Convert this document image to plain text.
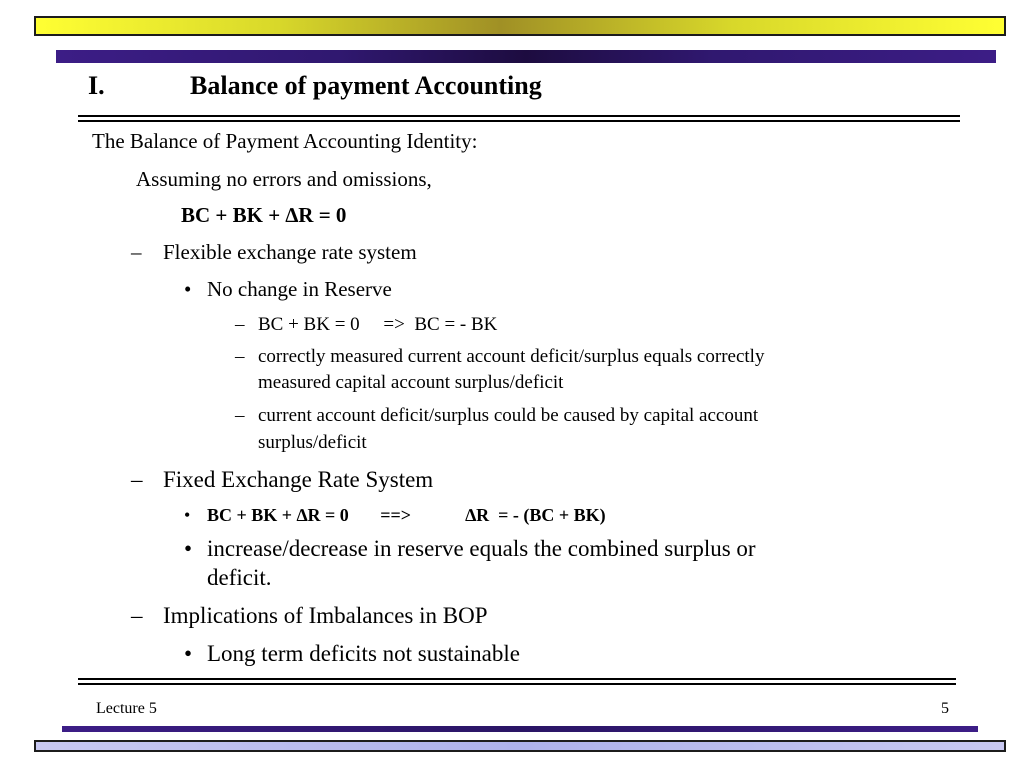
I.	Balance of payment Accounting
The Balance of Payment Accounting Identity:
Assuming no errors and omissions,
BC + BK + ∆R = 0
– Flexible exchange rate system
• No change in Reserve
– BC + BK = 0     =>  BC = - BK
– correctly measured current account deficit/surplus equals correctly
measured capital account surplus/deficit
– current account deficit/surplus could be caused by capital account
surplus/deficit
– Fixed Exchange Rate System
• BC + BK + ∆R = 0       ==>            ∆R  = - (BC + BK)
• increase/decrease in reserve equals the combined surplus or
deficit.
– Implications of Imbalances in BOP
• Long term deficits not sustainable
Lecture 5	5
